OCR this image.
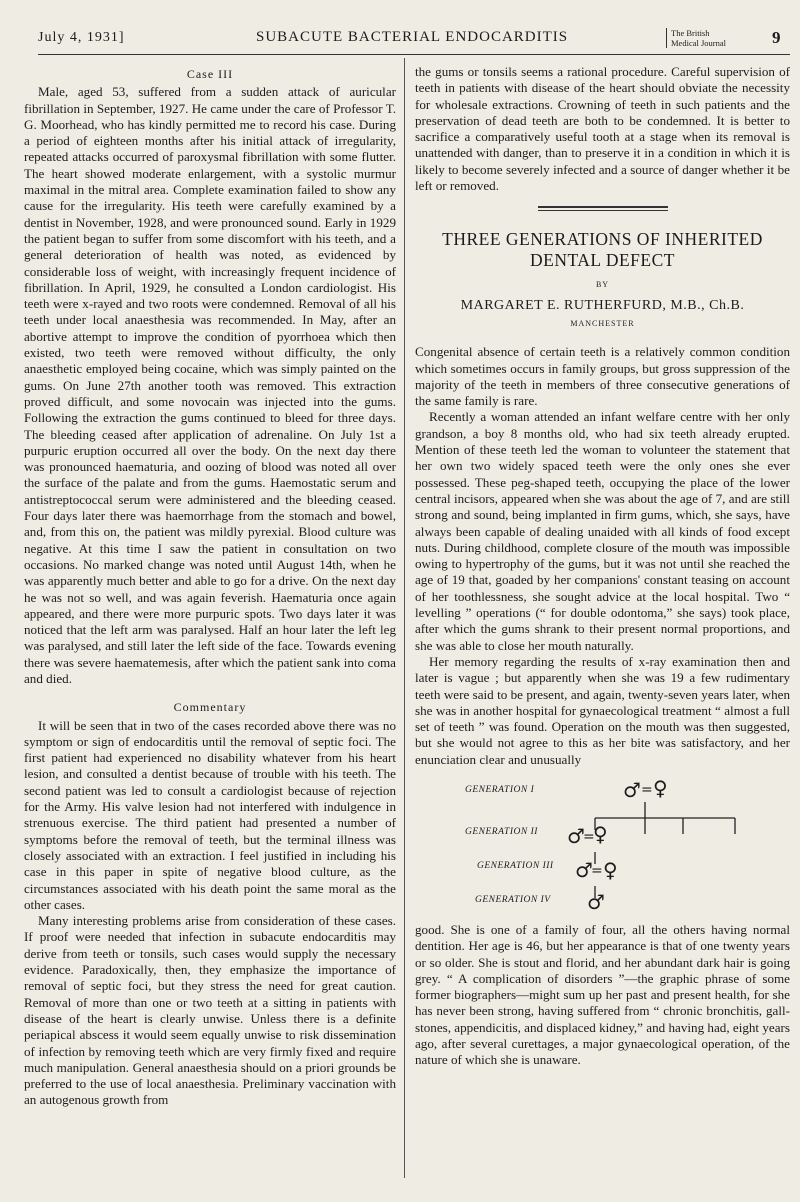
July 4, 1931]	SUBACUTE BACTERIAL ENDOCARDITIS	The British
Medical Journal	9
Case III

Male, aged 53, suffered from a sudden attack of auricular fibrillation in September, 1927. He came under the care of Professor T. G. Moorhead, who has kindly permitted me to record his case. During a period of eighteen months after his initial attack of irregularity, repeated attacks occurred of paroxysmal fibrillation with some flutter. The heart showed moderate enlargement, with a systolic murmur maximal in the mitral area. Complete examination failed to show any cause for the irregularity. His teeth were carefully examined by a dentist in November, 1928, and were pronounced sound. Early in 1929 the patient began to suffer from some discomfort with his teeth, and a general deterioration of health was noted, as evidenced by considerable loss of weight, with increasingly frequent incidence of fibrillation. In April, 1929, he consulted a London cardiologist. His teeth were x-rayed and two roots were condemned. Removal of all his teeth under local anaesthesia was recommended. In May, after an abortive attempt to improve the condition of pyorrhoea which then existed, two teeth were removed without difficulty, the only anaesthetic employed being cocaine, which was simply painted on the gums. On June 27th another tooth was removed. This extraction proved difficult, and some novocain was injected into the gums. Following the extraction the gums continued to bleed for three days. The bleeding ceased after application of adrenaline. On July 1st a purpuric eruption occurred all over the body. On the next day there was pronounced haematuria, and oozing of blood was noted all over the surface of the palate and from the gums. Haemostatic serum and antistreptococcal serum were administered and the bleeding ceased. Four days later there was haemorrhage from the stomach and bowel, and, from this on, the patient was mildly pyrexial. Blood culture was negative. At this time I saw the patient in consultation on two occasions. No marked change was noted until August 14th, when he was apparently much better and able to go for a drive. On the next day he was not so well, and was again feverish. Haematuria once again appeared, and there were more purpuric spots. Two days later it was noticed that the left arm was paralysed. Half an hour later the left leg was paralysed, and still later the left side of the face. Towards evening there was severe haematemesis, after which the patient sank into coma and died.

Commentary

It will be seen that in two of the cases recorded above there was no symptom or sign of endocarditis until the removal of septic foci. The first patient had experienced no disability whatever from his heart lesion, and consulted a dentist because of trouble with his teeth. The second patient was led to consult a cardiologist because of rejection for the Army. His valve lesion had not interfered with indulgence in strenuous exercise. The third patient had presented a number of symptoms before the removal of teeth, but the terminal illness was closely associated with an extraction. I feel justified in including his case in this paper in spite of negative blood culture, as the circumstances associated with his death point the same moral as the other cases.

Many interesting problems arise from consideration of these cases. If proof were needed that infection in subacute endocarditis may derive from teeth or tonsils, such cases would supply the necessary evidence. Paradoxically, then, they emphasize the importance of removal of septic foci, but they stress the need for great caution. Removal of more than one or two teeth at a sitting in patients with disease of the heart is clearly unwise. Unless there is a definite periapical abscess it would seem equally unwise to risk dissemination of infection by removing teeth which are very firmly fixed and require much manipulation. General anaesthesia should on a priori grounds be preferred to the use of local anaesthesia. Preliminary vaccination with an autogenous growth from

the gums or tonsils seems a rational procedure. Careful supervision of teeth in patients with disease of the heart should obviate the necessity for wholesale extractions. Crowning of teeth in such patients and the preservation of dead teeth are both to be condemned. It is better to sacrifice a comparatively useful tooth at a stage when its removal is unattended with danger, than to preserve it in a condition in which it is likely to become severely infected and a source of danger whether it be left or removed.

THREE GENERATIONS OF INHERITED DENTAL DEFECT
BY
MARGARET E. RUTHERFURD, M.B., Ch.B.
MANCHESTER

Congenital absence of certain teeth is a relatively common condition which sometimes occurs in family groups, but gross suppression of the majority of the teeth in members of three consecutive generations of the same family is rare.

Recently a woman attended an infant welfare centre with her only grandson, a boy 8 months old, who had six teeth already erupted. Mention of these teeth led the woman to volunteer the statement that her own two widely spaced teeth were the only ones she ever possessed. These peg-shaped teeth, occupying the place of the lower central incisors, appeared when she was about the age of 7, and are still strong and sound, being implanted in firm gums, which, she says, have always been capable of dealing unaided with all kinds of food except nuts. During childhood, complete closure of the mouth was impossible owing to hypertrophy of the gums, but it was not until she reached the age of 19 that, goaded by her companions' constant teasing on account of her toothlessness, she sought advice at the local hospital. Two “ levelling ” operations (“ for double odontoma,” she says) took place, after which the gums shrank to their present normal proportions, and she was able to close her mouth naturally.

Her memory regarding the results of x-ray examination then and later is vague ; but apparently when she was 19 a few rudimentary teeth were said to be present, and again, twenty-seven years later, when she was in another hospital for gynaecological treatment “ almost a full set of teeth ” was found. Operation on the mouth was then suggested, but she would not agree to this as her bite was satisfactory, and her enunciation clear and unusually

GENERATION I
GENERATION II
GENERATION III
GENERATION IV
♂ = ♀
♂
=
♀
♂
= ♀
♂

good. She is one of a family of four, all the others having normal dentition. Her age is 46, but her appearance is that of one twenty years or so older. She is stout and florid, and her abundant dark hair is going grey. “ A complication of disorders ”—the graphic phrase of some former biographers—might sum up her past and present health, for she has never been strong, having suffered from “ chronic bronchitis, gall-stones, appendicitis, and displaced kidney,” and having had, eight years ago, after several curettages, a major gynaecological operation, of the nature of which she is unaware.
